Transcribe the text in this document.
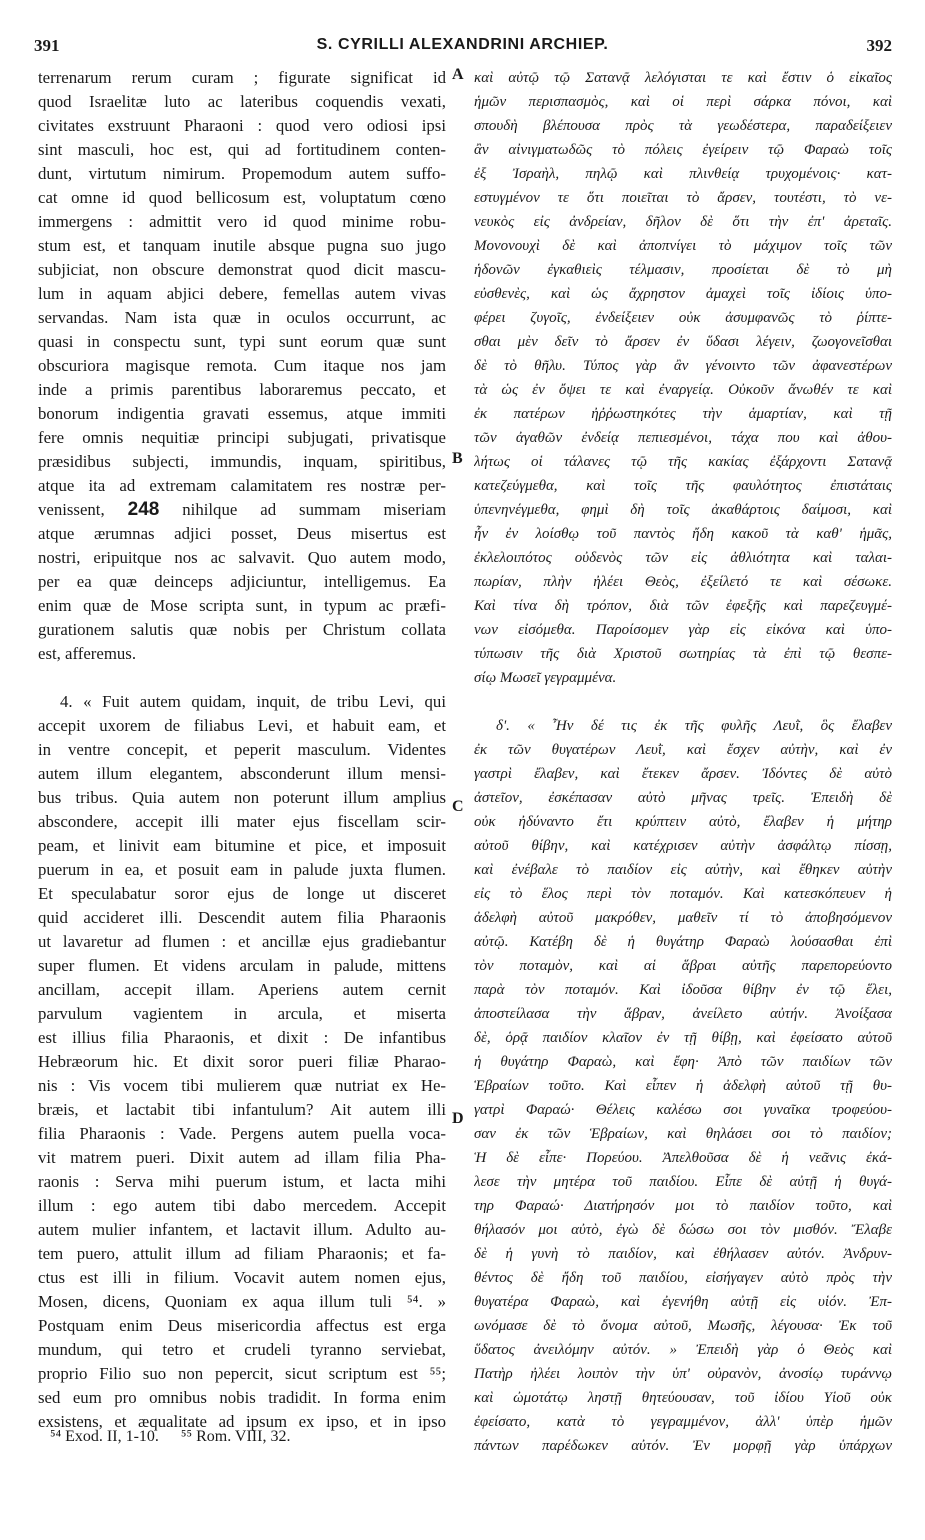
391	S. CYRILLI ALEXANDRINI ARCHIEP.	392
terrenarum rerum curam ; figurate significat id
quod Israelitæ luto ac lateribus coquendis vexati,
civitates exstruunt Pharaoni : quod vero odiosi ipsi
sint masculi, hoc est, qui ad fortitudinem conten-
dunt, virtutum nimirum. Propemodum autem suffo-
cat omne id quod bellicosum est, voluptatum cœno
immergens : admittit vero id quod minime robu-
stum est, et tanquam inutile absque pugna suo jugo
subjiciat, non obscure demonstrat quod dicit mascu-
lum in aquam abjici debere, femellas autem vivas
servandas. Nam ista quæ in oculos occurrunt, ac
quasi in conspectu sunt, typi sunt eorum quæ sunt
obscuriora magisque remota. Cum itaque nos jam
inde a primis parentibus laboraremus peccato, et
bonorum indigentia gravati essemus, atque immiti
fere omnis nequitiæ principi subjugati, privatisque
præsidibus subjecti, immundis, inquam, spiritibus,
atque ita ad extremam calamitatem res nostræ per-
venissent, 248 nihilque ad summam miseriam
atque ærumnas adjici posset, Deus misertus est
nostri, eripuitque nos ac salvavit. Quo autem modo,
per ea quæ deinceps adjiciuntur, intelligemus. Ea
enim quæ de Mose scripta sunt, in typum ac præfi-
gurationem salutis quæ nobis per Christum collata
est, afferemus.
4. « Fuit autem quidam, inquit, de tribu Levi, qui
accepit uxorem de filiabus Levi, et habuit eam, et
in ventre concepit, et peperit masculum. Videntes
autem illum elegantem, absconderunt illum mensi-
bus tribus. Quia autem non poterunt illum amplius
abscondere, accepit illi mater ejus fiscellam scir-
peam, et linivit eam bitumine et pice, et imposuit
puerum in ea, et posuit eam in palude juxta flumen.
Et speculabatur soror ejus de longe ut disceret
quid accideret illi. Descendit autem filia Pharaonis
ut lavaretur ad flumen : et ancillæ ejus gradiebantur
super flumen. Et videns arculam in palude, mittens
ancillam, accepit illam. Aperiens autem cernit
parvulum vagientem in arcula, et miserta
est illius filia Pharaonis, et dixit : De infantibus
Hebræorum hic. Et dixit soror pueri filiæ Pharao-
nis : Vis vocem tibi mulierem quæ nutriat ex He-
bræis, et lactabit tibi infantulum? Ait autem illi
filia Pharaonis : Vade. Pergens autem puella voca-
vit matrem pueri. Dixit autem ad illam filia Pha-
raonis : Serva mihi puerum istum, et lacta mihi
illum : ego autem tibi dabo mercedem. Accepit
autem mulier infantem, et lactavit illum. Adulto au-
tem puero, attulit illum ad filiam Pharaonis; et fa-
ctus est illi in filium. Vocavit autem nomen ejus,
Mosen, dicens, Quoniam ex aqua illum tuli ⁵⁴. »
Postquam enim Deus misericordia affectus est erga
mundum, qui tetro et crudeli tyranno serviebat,
proprio Filio suo non pepercit, sicut scriptum est ⁵⁵;
sed eum pro omnibus nobis tradidit. In forma enim
exsistens, et æqualitate ad ipsum ex ipso, et in ipso
καὶ αὐτῷ τῷ Σατανᾷ λελόγισται τε καὶ ἔστιν ὁ εἰκαῖος
ἡμῶν περισπασμὸς, καὶ οἱ περὶ σάρκα πόνοι, καὶ
σπουδὴ βλέπουσα πρὸς τὰ γεωδέστερα, παραδείξειεν
ἂν αἰνιγματωδῶς τὸ πόλεις ἐγείρειν τῷ Φαραὼ τοῖς
ἐξ Ἰσραὴλ, πηλῷ καὶ πλινθείᾳ τρυχομένοις· κατ-
εστυγμένον τε ὅτι ποιεῖται τὸ ἄρσεν, τουτέστι, τὸ νε-
νευκὸς εἰς ἀνδρείαν, δῆλον δὲ ὅτι τὴν ἐπ' ἀρεταῖς.
Μονονουχὶ δὲ καὶ ἀποπνίγει τὸ μάχιμον τοῖς τῶν
ἡδονῶν ἐγκαθιεὶς τέλμασιν, προσίεται δὲ τὸ μὴ
εὐσθενὲς, καὶ ὡς ἄχρηστον ἀμαχεὶ τοῖς ἰδίοις ὑπο-
φέρει ζυγοῖς, ἐνδείξειεν οὐκ ἀσυμφανῶς τὸ ῥίπτε-
σθαι μὲν δεῖν τὸ ἄρσεν ἐν ὕδασι λέγειν, ζωογονεῖσθαι
δὲ τὸ θῆλυ. Τύπος γὰρ ἂν γένοιντο τῶν ἀφανεστέρων
τὰ ὡς ἐν ὄψει τε καὶ ἐναργείᾳ. Οὐκοῦν ἄνωθέν τε καὶ
ἐκ πατέρων ἠῤῥωστηκότες τὴν ἁμαρτίαν, καὶ τῇ
τῶν ἀγαθῶν ἐνδείᾳ πεπιεσμένοι, τάχα που καὶ ἀθου-
λήτως οἱ τάλανες τῷ τῆς κακίας ἐξάρχοντι Σατανᾷ
κατεζεύγμεθα, καὶ τοῖς τῆς φαυλότητος ἐπιστάταις
ὑπενηνέγμεθα, φημὶ δὴ τοῖς ἀκαθάρτοις δαίμοσι, καὶ
ἦν ἐν λοίσθῳ τοῦ παντὸς ἤδη κακοῦ τὰ καθ' ἡμᾶς,
ἐκλελοιπότος οὐδενὸς τῶν εἰς ἀθλιότητα καὶ ταλαι-
πωρίαν, πλὴν ἠλέει Θεὸς, ἐξείλετό τε καὶ σέσωκε.
Καὶ τίνα δὴ τρόπον, διὰ τῶν ἐφεξῆς καὶ παρεζευγμέ-
νων εἰσόμεθα. Παροίσομεν γὰρ εἰς εἰκόνα καὶ ὑπο-
τύπωσιν τῆς διὰ Χριστοῦ σωτηρίας τὰ ἐπὶ τῷ θεσπε-
σίῳ Μωσεῖ γεγραμμένα.
δ'. « Ἦν δέ τις ἐκ τῆς φυλῆς Λευῒ, ὃς ἔλαβεν
ἐκ τῶν θυγατέρων Λευῒ, καὶ ἔσχεν αὐτὴν, καὶ ἐν
γαστρὶ ἔλαβεν, καὶ ἔτεκεν ἄρσεν. Ἰδόντες δὲ αὐτὸ
ἀστεῖον, ἐσκέπασαν αὐτὸ μῆνας τρεῖς. Ἐπειδὴ δὲ
οὐκ ἠδύναντο ἔτι κρύπτειν αὐτὸ, ἔλαβεν ἡ μήτηρ
αὐτοῦ θίβην, καὶ κατέχρισεν αὐτὴν ἀσφάλτῳ πίσσῃ,
καὶ ἐνέβαλε τὸ παιδίον εἰς αὐτὴν, καὶ ἔθηκεν αὐτὴν
εἰς τὸ ἕλος περὶ τὸν ποταμόν. Καὶ κατεσκόπευεν ἡ
ἀδελφὴ αὐτοῦ μακρόθεν, μαθεῖν τί τὸ ἀποβησόμενον
αὐτῷ. Κατέβη δὲ ἡ θυγάτηρ Φαραὼ λούσασθαι ἐπὶ
τὸν ποταμὸν, καὶ αἱ ἅβραι αὐτῆς παρεπορεύοντο
παρὰ τὸν ποταμόν. Καὶ ἰδοῦσα θίβην ἐν τῷ ἕλει,
ἀποστείλασα τὴν ἅβραν, ἀνείλετο αὐτήν. Ἀνοίξασα
δὲ, ὁρᾷ παιδίον κλαῖον ἐν τῇ θίβῃ, καὶ ἐφείσατο αὐτοῦ
ἡ θυγάτηρ Φαραὼ, καὶ ἔφη· Ἀπὸ τῶν παιδίων τῶν
Ἑβραίων τοῦτο. Καὶ εἶπεν ἡ ἀδελφὴ αὐτοῦ τῇ θυ-
γατρὶ Φαραώ· Θέλεις καλέσω σοι γυναῖκα τροφεύου-
σαν ἐκ τῶν Ἑβραίων, καὶ θηλάσει σοι τὸ παιδίον;
Ἡ δὲ εἶπε· Πορεύου. Ἀπελθοῦσα δὲ ἡ νεᾶνις ἐκά-
λεσε τὴν μητέρα τοῦ παιδίου. Εἶπε δὲ αὐτῇ ἡ θυγά-
τηρ Φαραώ· Διατήρησόν μοι τὸ παιδίον τοῦτο, καὶ
θήλασόν μοι αὐτὸ, ἐγὼ δὲ δώσω σοι τὸν μισθόν. Ἔλαβε
δὲ ἡ γυνὴ τὸ παιδίον, καὶ ἐθήλασεν αὐτόν. Ἀνδρυν-
θέντος δὲ ἤδη τοῦ παιδίου, εἰσήγαγεν αὐτὸ πρὸς τὴν
θυγατέρα Φαραὼ, καὶ ἐγενήθη αὐτῇ εἰς υἱόν. Ἐπ-
ωνόμασε δὲ τὸ ὄνομα αὐτοῦ, Μωσῆς, λέγουσα· Ἐκ τοῦ
ὕδατος ἀνειλόμην αὐτόν. » Ἐπειδὴ γὰρ ὁ Θεὸς καὶ
Πατὴρ ἠλέει λοιπὸν τὴν ὑπ' οὐρανὸν, ἀνοσίῳ τυράννῳ
καὶ ὠμοτάτῳ ληστῇ θητεύουσαν, τοῦ ἰδίου Υἱοῦ οὐκ
ἐφείσατο, κατὰ τὸ γεγραμμένον, ἀλλ' ὑπὲρ ἡμῶν
πάντων παρέδωκεν αὐτόν. Ἐν μορφῇ γὰρ ὑπάρχων
A
B
C
D
⁵⁴ Exod. II, 1-10. ⁵⁵ Rom. VIII, 32.
